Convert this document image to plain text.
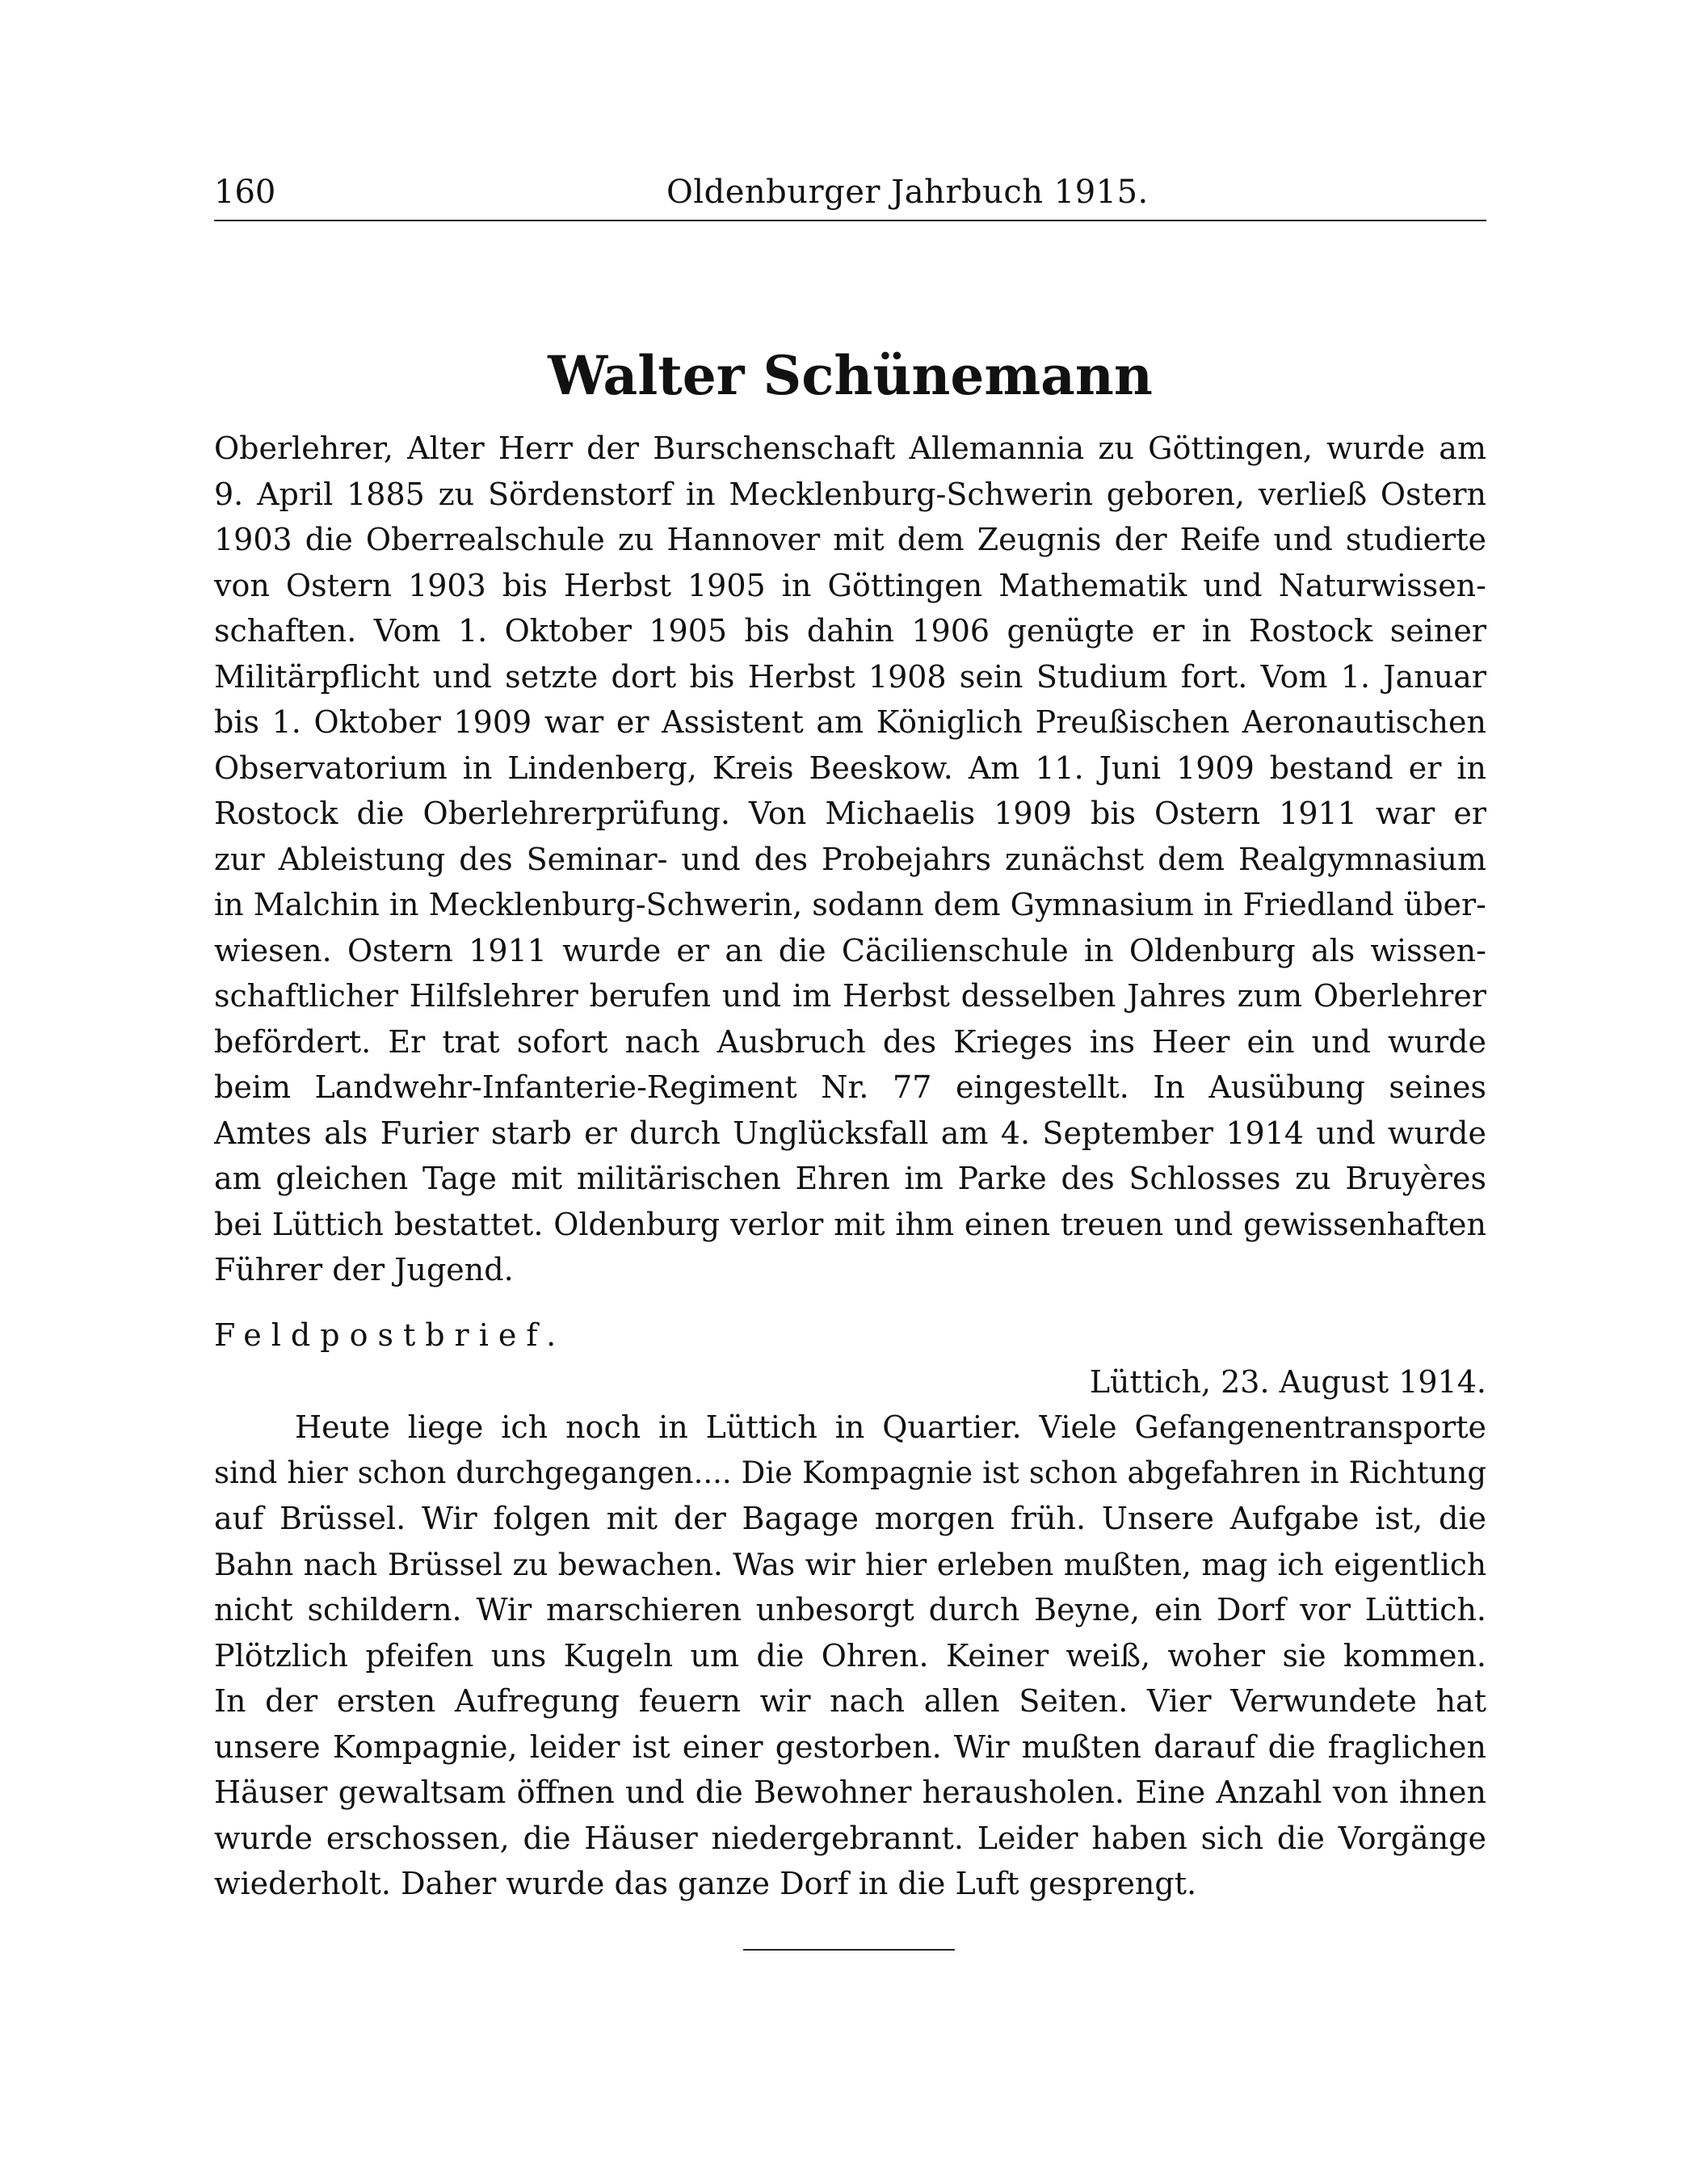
160	Oldenburger Jahrbuch 1915.
Walter Schünemann
Oberlehrer, Alter Herr der Burschenschaft Allemannia zu Göttingen, wurde am
9. April 1885 zu Sördenstorf in Mecklenburg-Schwerin geboren, verließ Ostern
1903 die Oberrealschule zu Hannover mit dem Zeugnis der Reife und studierte
von Ostern 1903 bis Herbst 1905 in Göttingen Mathematik und Naturwissen-
schaften. Vom 1. Oktober 1905 bis dahin 1906 genügte er in Rostock seiner
Militärpflicht und setzte dort bis Herbst 1908 sein Studium fort. Vom 1. Januar
bis 1. Oktober 1909 war er Assistent am Königlich Preußischen Aeronautischen
Observatorium in Lindenberg, Kreis Beeskow. Am 11. Juni 1909 bestand er in
Rostock die Oberlehrerprüfung. Von Michaelis 1909 bis Ostern 1911 war er
zur Ableistung des Seminar- und des Probejahrs zunächst dem Realgymnasium
in Malchin in Mecklenburg-Schwerin, sodann dem Gymnasium in Friedland über-
wiesen. Ostern 1911 wurde er an die Cäcilienschule in Oldenburg als wissen-
schaftlicher Hilfslehrer berufen und im Herbst desselben Jahres zum Oberlehrer
befördert. Er trat sofort nach Ausbruch des Krieges ins Heer ein und wurde
beim Landwehr-Infanterie-Regiment Nr. 77 eingestellt. In Ausübung seines
Amtes als Furier starb er durch Unglücksfall am 4. September 1914 und wurde
am gleichen Tage mit militärischen Ehren im Parke des Schlosses zu Bruyères
bei Lüttich bestattet. Oldenburg verlor mit ihm einen treuen und gewissenhaften
Führer der Jugend.
Feldpostbrief.
Lüttich, 23. August 1914.
Heute liege ich noch in Lüttich in Quartier. Viele Gefangenentransporte
sind hier schon durchgegangen.... Die Kompagnie ist schon abgefahren in Richtung
auf Brüssel. Wir folgen mit der Bagage morgen früh. Unsere Aufgabe ist, die
Bahn nach Brüssel zu bewachen. Was wir hier erleben mußten, mag ich eigentlich
nicht schildern. Wir marschieren unbesorgt durch Beyne, ein Dorf vor Lüttich.
Plötzlich pfeifen uns Kugeln um die Ohren. Keiner weiß, woher sie kommen.
In der ersten Aufregung feuern wir nach allen Seiten. Vier Verwundete hat
unsere Kompagnie, leider ist einer gestorben. Wir mußten darauf die fraglichen
Häuser gewaltsam öffnen und die Bewohner herausholen. Eine Anzahl von ihnen
wurde erschossen, die Häuser niedergebrannt. Leider haben sich die Vorgänge
wiederholt. Daher wurde das ganze Dorf in die Luft gesprengt.
